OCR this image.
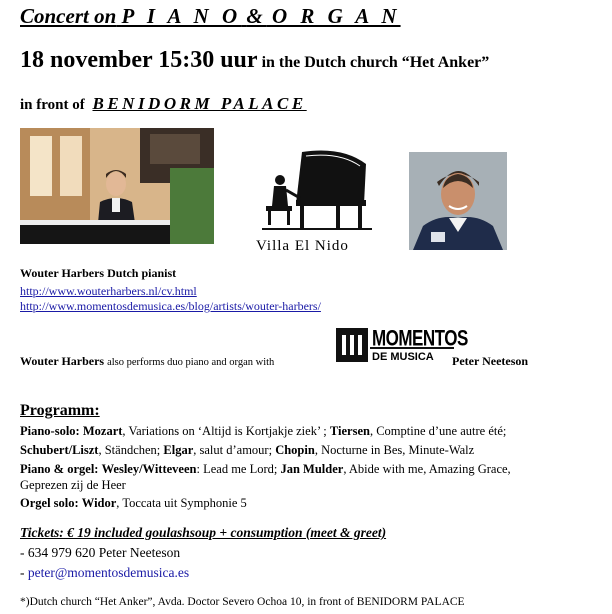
Concert on P I A N O & O R G A N
18 november 15:30 uur in the Dutch church “Het Anker”
in front of BENIDORM PALACE
Villa El Nido
Wouter Harbers Dutch pianist
http://www.wouterharbers.nl/cv.html
http://www.momentosdemusica.es/blog/artists/wouter-harbers/
Wouter Harbers also performs duo piano and organ with
MOMENTOS
DE MUSICA Peter Neeteson
Programm:
Piano-solo: Mozart, Variations on ‘Altijd is Kortjakje ziek’ ; Tiersen, Comptine d’une autre été;
Schubert/Liszt, Ständchen; Elgar, salut d’amour; Chopin, Nocturne in Bes, Minute-Walz
Piano & orgel: Wesley/Witteveen: Lead me Lord; Jan Mulder, Abide with me, Amazing Grace,
Geprezen zij de Heer
Orgel solo: Widor, Toccata uit Symphonie 5
Tickets: € 19 included goulashsoup + consumption (meet & greet)
- 634 979 620 Peter Neeteson
- peter@momentosdemusica.es
*)Dutch church “Het Anker”, Avda. Doctor Severo Ochoa 10, in front of BENIDORM PALACE
